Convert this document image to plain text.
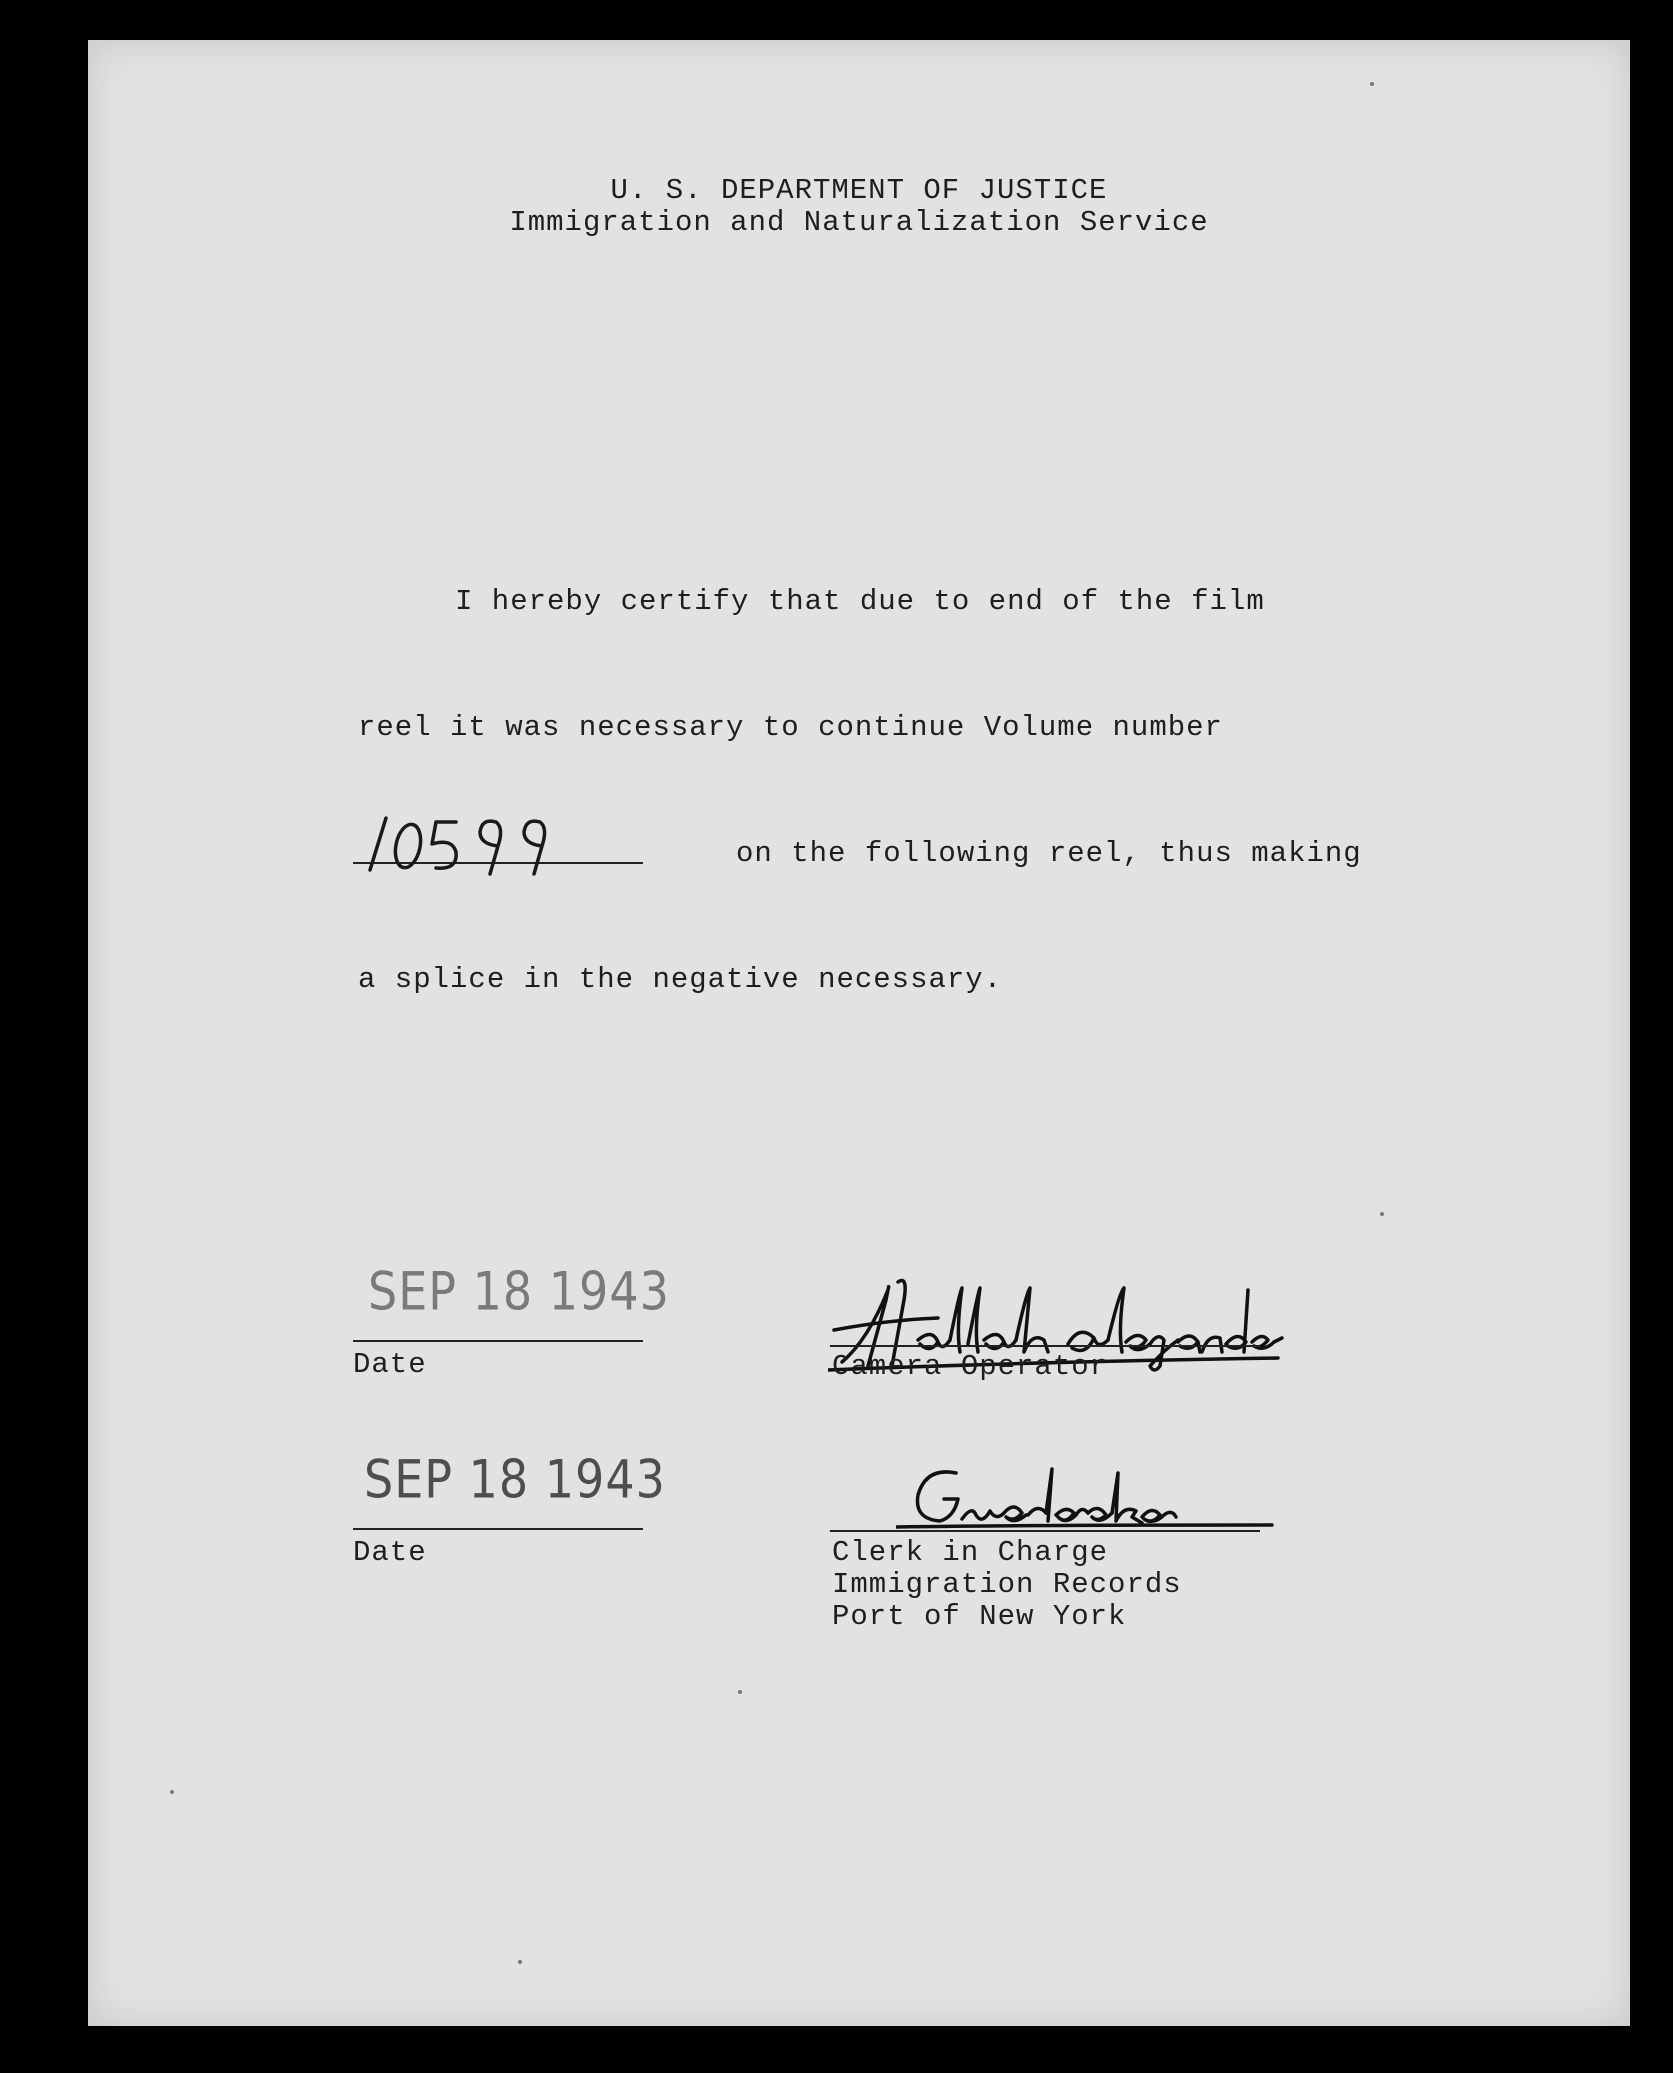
U. S. DEPARTMENT OF JUSTICE
Immigration and Naturalization Service
I hereby certify that due to end of the film
reel it was necessary to continue Volume number
on the following reel, thus making
a splice in the negative necessary.
SEP 18 1943
Date	Camera Operator
SEP 18 1943
Date	Clerk in Charge
Immigration Records
Port of New York
